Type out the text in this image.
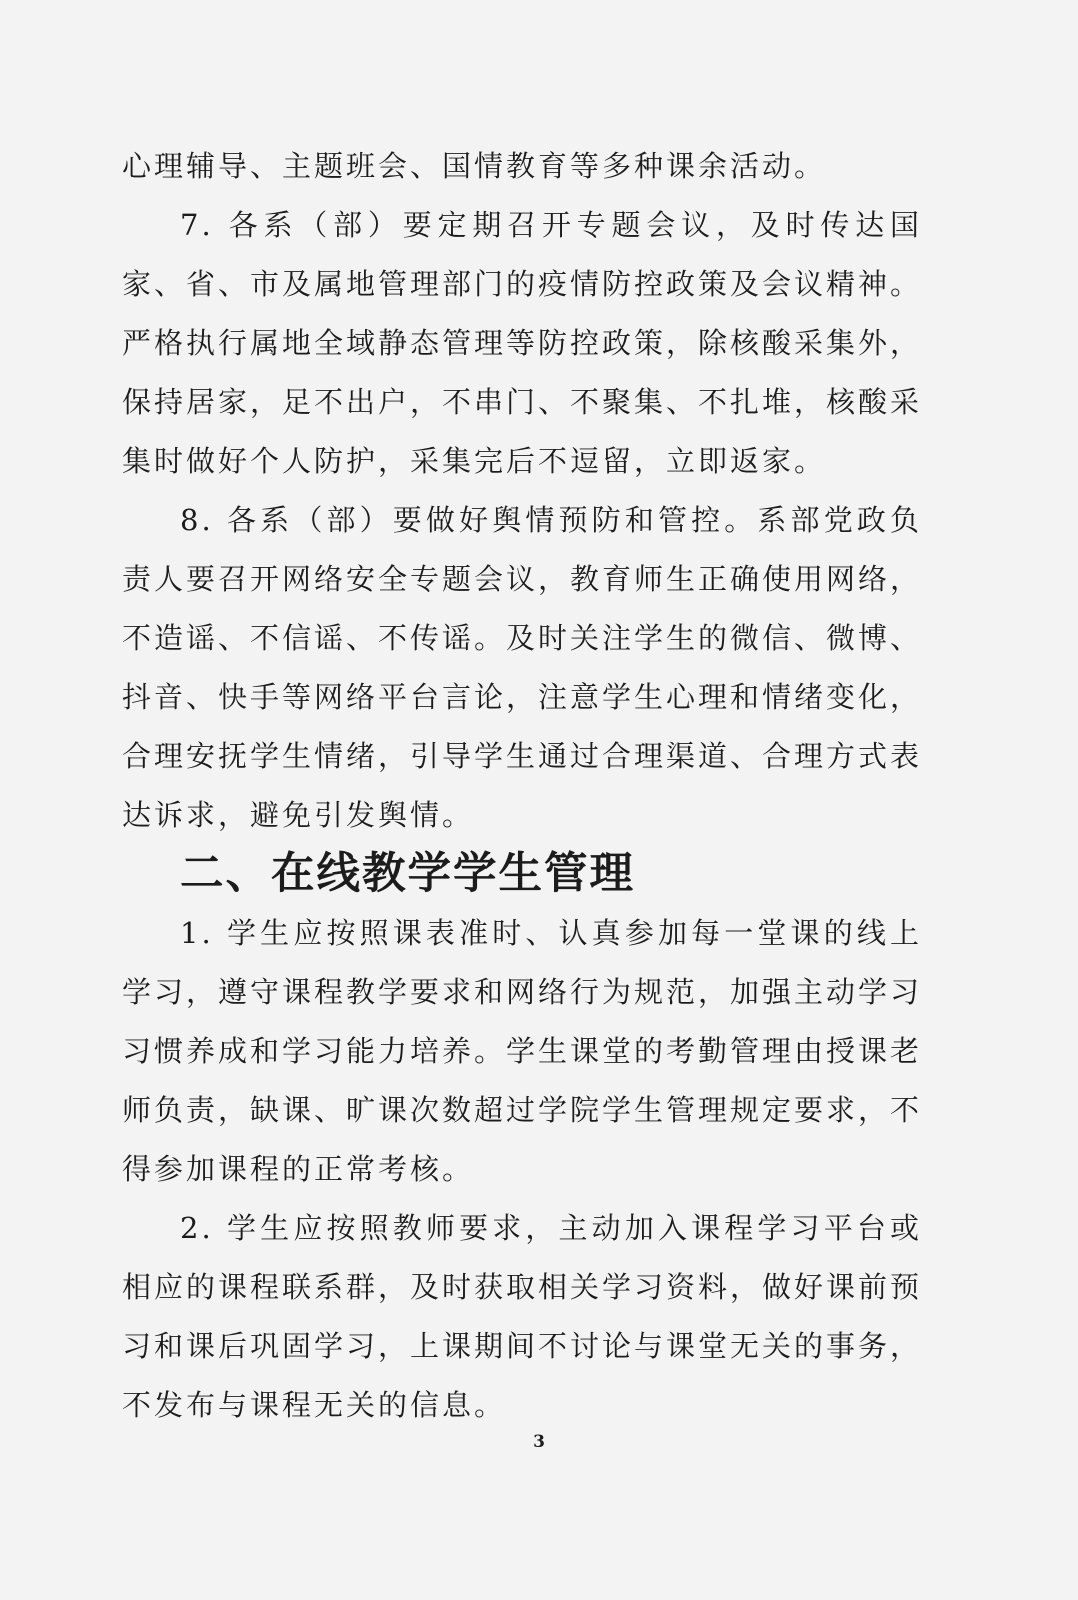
心理辅导、主题班会、国情教育等多种课余活动。

7. 各系（部）要定期召开专题会议，及时传达国家、省、市及属地管理部门的疫情防控政策及会议精神。严格执行属地全域静态管理等防控政策，除核酸采集外，保持居家，足不出户，不串门、不聚集、不扎堆，核酸采集时做好个人防护，采集完后不逗留，立即返家。

8. 各系（部）要做好舆情预防和管控。系部党政负责人要召开网络安全专题会议，教育师生正确使用网络，不造谣、不信谣、不传谣。及时关注学生的微信、微博、抖音、快手等网络平台言论，注意学生心理和情绪变化，合理安抚学生情绪，引导学生通过合理渠道、合理方式表达诉求，避免引发舆情。

二、在线教学学生管理

1. 学生应按照课表准时、认真参加每一堂课的线上学习，遵守课程教学要求和网络行为规范，加强主动学习习惯养成和学习能力培养。学生课堂的考勤管理由授课老师负责，缺课、旷课次数超过学院学生管理规定要求，不得参加课程的正常考核。

2. 学生应按照教师要求，主动加入课程学习平台或相应的课程联系群，及时获取相关学习资料，做好课前预习和课后巩固学习，上课期间不讨论与课堂无关的事务，不发布与课程无关的信息。

3
